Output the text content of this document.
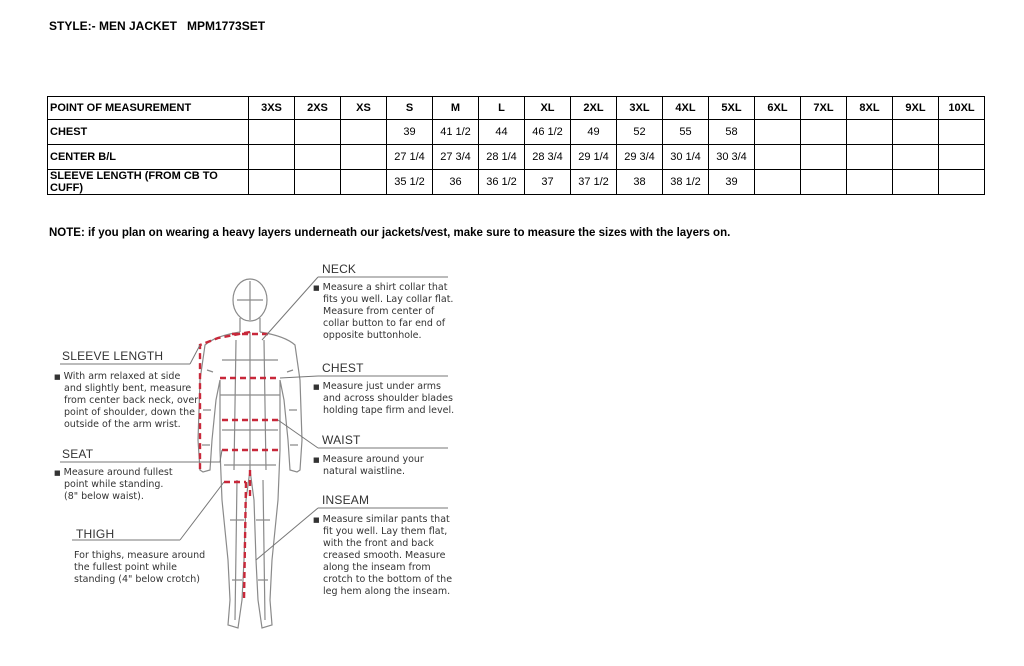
STYLE:- MEN JACKET   MPM1773SET
POINT OF MEASUREMENT	3XS	2XS	XS	S	M	L	XL	2XL	3XL	4XL	5XL	6XL	7XL	8XL	9XL	10XL
CHEST				39	41 1/2	44	46 1/2	49	52	55	58					
CENTER B/L				27 1/4	27 3/4	28 1/4	28 3/4	29 1/4	29 3/4	30 1/4	30 3/4					
SLEEVE LENGTH (FROM CB TO CUFF)				35 1/2	36	36 1/2	37	37 1/2	38	38 1/2	39					
NOTE: if you plan on wearing a heavy layers underneath our jackets/vest, make sure to measure the sizes with the layers on.
NECK
■ Measure a shirt collar that
fits you well. Lay collar flat.
Measure from center of
collar button to far end of
opposite buttonhole.
CHEST
■ Measure just under arms
and across shoulder blades
holding tape firm and level.
WAIST
■ Measure around your
natural waistline.
INSEAM
■ Measure similar pants that
fit you well. Lay them flat,
with the front and back
creased smooth. Measure
along the inseam from
crotch to the bottom of the
leg hem along the inseam.
SLEEVE LENGTH
■ With arm relaxed at side
and slightly bent, measure
from center back neck, over
point of shoulder, down the
outside of the arm wrist.
SEAT
■ Measure around fullest
point while standing.
(8" below waist).
THIGH
For thighs, measure around
the fullest point while
standing (4" below crotch)
